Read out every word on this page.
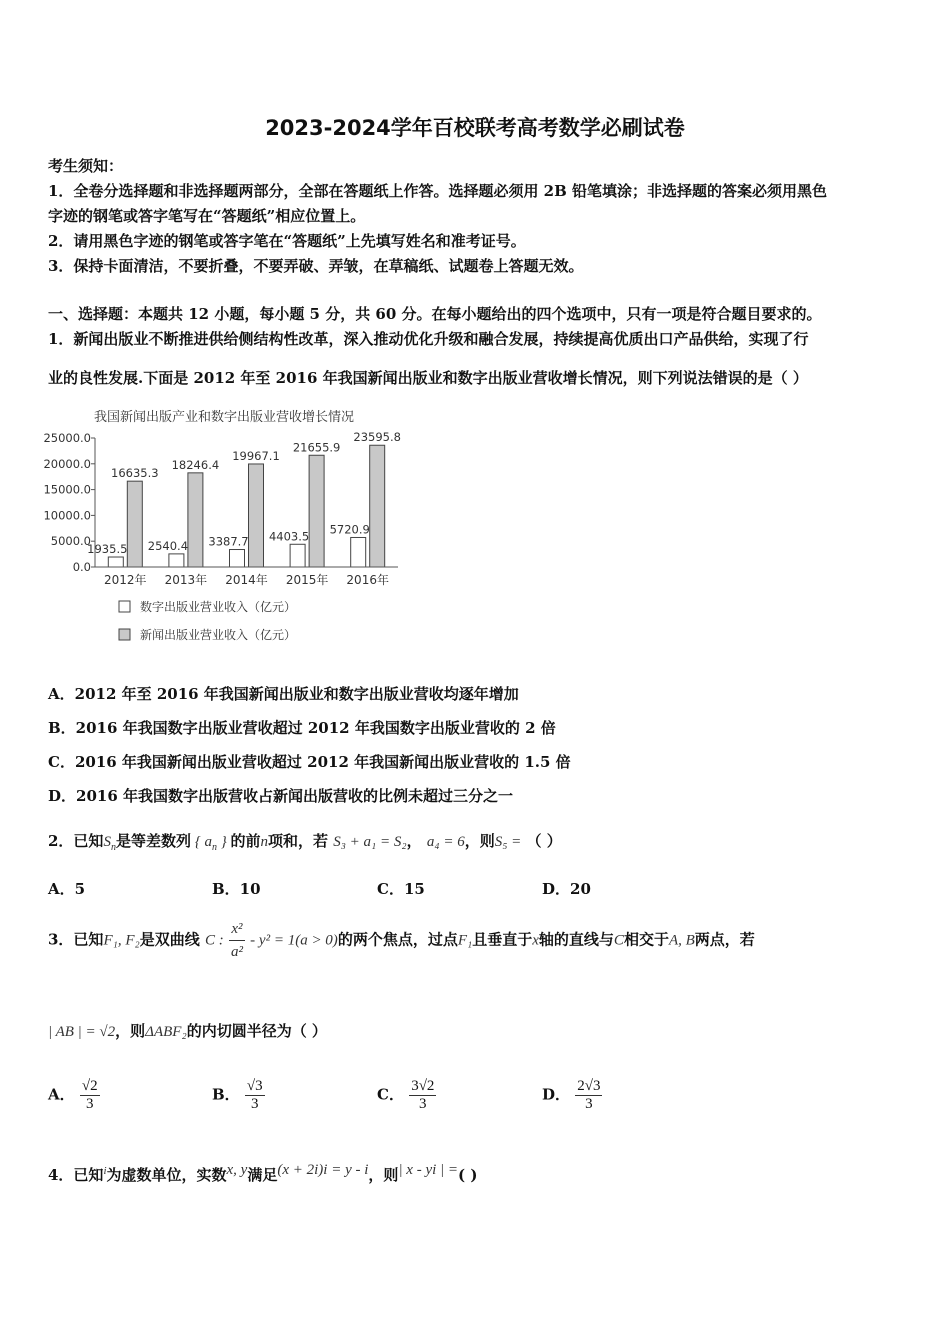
2023-2024学年百校联考高考数学必刷试卷
考生须知：
1．全卷分选择题和非选择题两部分，全部在答题纸上作答。选择题必须用 2B 铅笔填涂；非选择题的答案必须用黑色
字迹的钢笔或答字笔写在“答题纸”相应位置上。
2．请用黑色字迹的钢笔或答字笔在“答题纸”上先填写姓名和准考证号。
3．保持卡面清洁，不要折叠，不要弄破、弄皱，在草稿纸、试题卷上答题无效。
一、选择题：本题共 12 小题，每小题 5 分，共 60 分。在每小题给出的四个选项中，只有一项是符合题目要求的。
1．新闻出版业不断推进供给侧结构性改革，深入推动优化升级和融合发展，持续提高优质出口产品供给，实现了行
业的良性发展.下面是 2012 年至 2016 年我国新闻出版业和数字出版业营收增长情况，则下列说法错误的是（ ）
我国新闻出版产业和数字出版业营收增长情况
0.0
5000.0
10000.0
15000.0
20000.0
25000.0
1935.5
16635.3
2540.4
18246.4
3387.7
19967.1
4403.5
21655.9
5720.9
23595.8
2012年 2013年 2014年 2015年 2016年
数字出版业营业收入（亿元）
新闻出版业营业收入（亿元）
A．2012 年至 2016 年我国新闻出版业和数字出版业营收均逐年增加
B．2016 年我国数字出版业营收超过 2012 年我国数字出版业营收的 2 倍
C．2016 年我国新闻出版业营收超过 2012 年我国新闻出版业营收的 1.5 倍
D．2016 年我国数字出版营收占新闻出版营收的比例未超过三分之一
2．已知$S_n$是等差数列 { $a_n$ } 的前n项和，若 S₃ + a₁ = S₂， a₄ = 6，则S₅ = （ ）
A．5	B．10	C．15	D．20
3．已知F₁, F₂是双曲线 C : $\frac{\text{x²}}{\text{a²}} - y^2 = 1(a > 0)$的两个焦点，过点F₁且垂直于x轴的直线与C相交于A, B两点，若
| AB | = √2，则ΔABF₂的内切圆半径为（ ）
A． $\frac{√2}{3}$	B． $\frac{√3}{3}$	C． $\frac{3√2}{3}$	D． $\frac{2√3}{3}$
4．已知$^i$为虚数单位，实数x, y满足(x + 2i)i = y - i，则| x - yi | =( )
